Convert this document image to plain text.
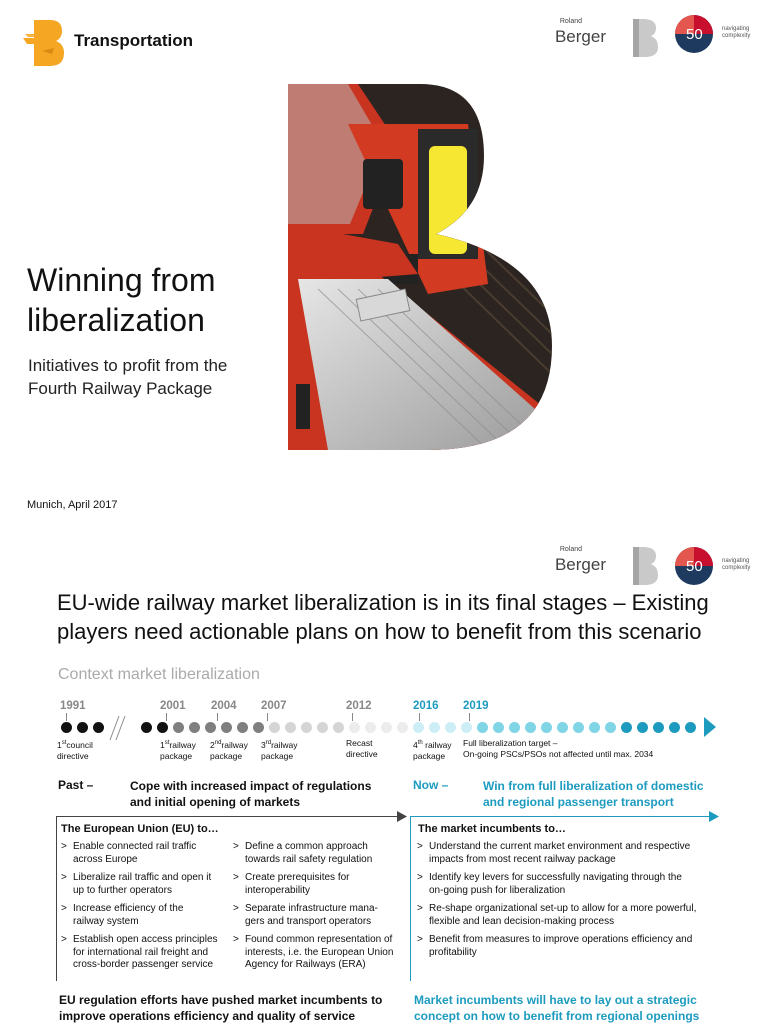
Transportation
Roland
Berger	50	navigating
complexity
Winning from
liberalization
Initiatives to profit from the
Fourth Railway Package
Munich, April 2017
Roland
Berger	50	navigating
complexity
EU-wide railway market liberalization is in its final stages – Existing
players need actionable plans on how to benefit from this scenario
Context market liberalization
1991	2001 2004 2007	2012	2016 2019
1stcouncil
directive
1strailway
package
2ndrailway
package
3rdrailway
package
Recast
directive
4th railway
package
Full liberalization target –
On-going PSCs/PSOs not affected until max. 2034
Past –	Cope with increased impact of regulations
and initial opening of markets
Now –	Win from full liberalization of domestic
and regional passenger transport
The European Union (EU) to…
> Enable connected rail traffic
across Europe
> Liberalize rail traffic and open it
up to further operators
> Increase efficiency of the
railway system
> Establish open access principles
for international rail freight and
cross-border passenger service
> Define a common approach
towards rail safety regulation
> Create prerequisites for
interoperability
> Separate infrastructure mana-
gers and transport operators
> Found common representation of
interests, i.e. the European Union
Agency for Railways (ERA)
The market incumbents to…
> Understand the current market environment and respective
impacts from most recent railway package
> Identify key levers for successfully navigating through the
on-going push for liberalization
> Re-shape organizational set-up to allow for a more powerful,
flexible and lean decision-making process
> Benefit from measures to improve operations efficiency and
profitability
EU regulation efforts have pushed market incumbents to
improve operations efficiency and quality of service
Market incumbents will have to lay out a strategic
concept on how to benefit from regional openings
